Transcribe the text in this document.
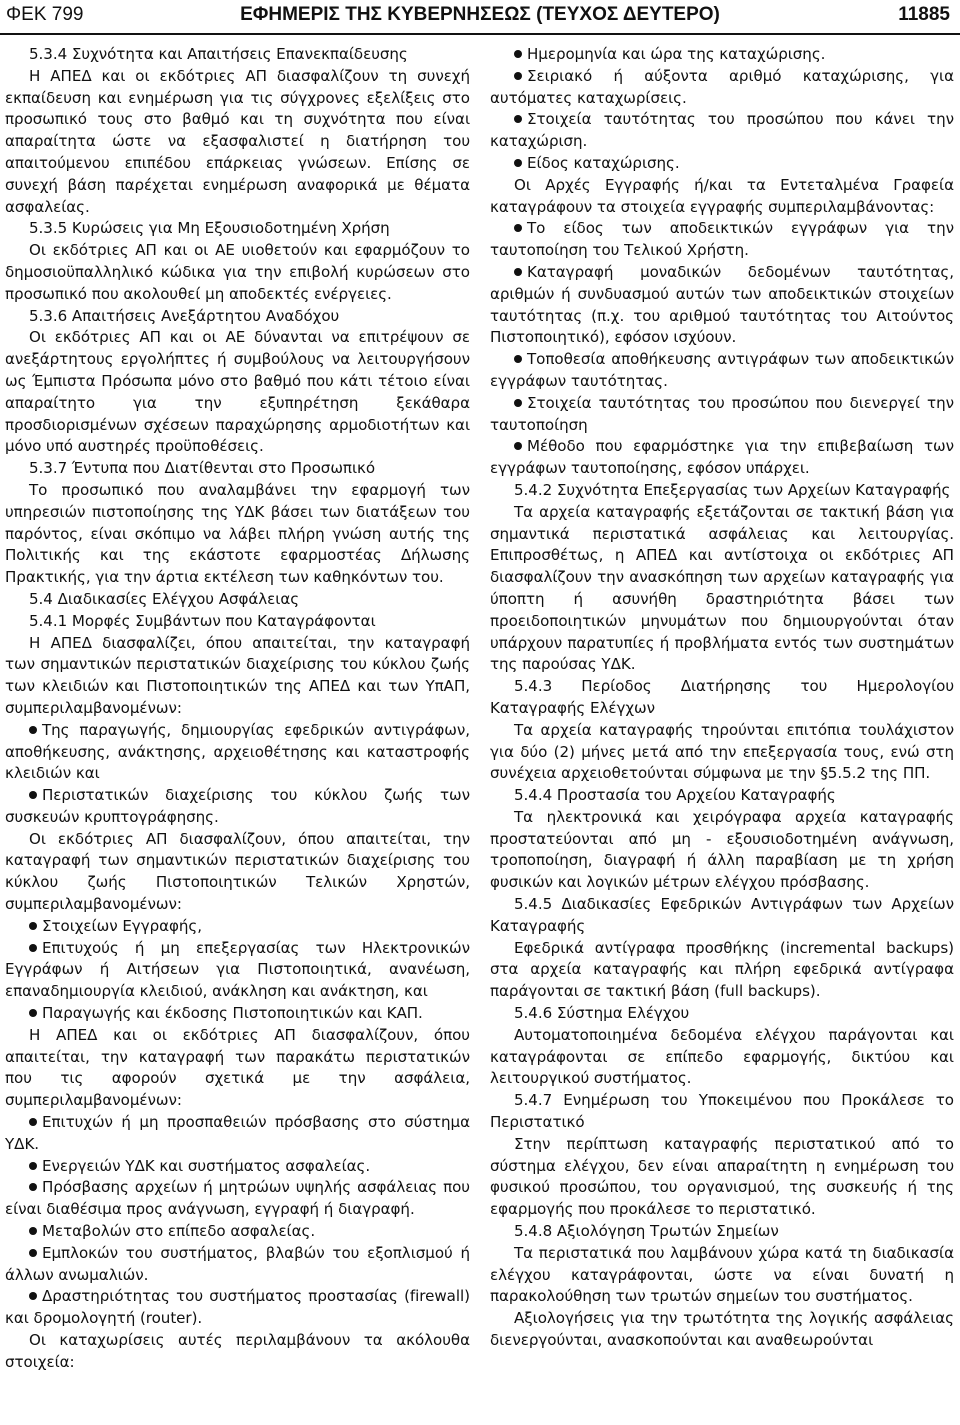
ΦΕΚ 799	ΕΦΗΜΕΡΙΣ ΤΗΣ ΚΥΒΕΡΝΗΣΕΩΣ (ΤΕΥΧΟΣ ΔΕΥΤΕΡΟ)	11885

5.3.4 Συχνότητα και Απαιτήσεις Επανεκπαίδευσης

Η ΑΠΕΔ και οι εκδότριες ΑΠ διασφαλίζουν τη συνεχή εκπαίδευση και ενημέρωση για τις σύγχρονες εξελίξεις στο προσωπικό τους στο βαθμό και τη συχνότητα που είναι απαραίτητα ώστε να εξασφαλιστεί η διατήρηση του απαιτούμενου επιπέδου επάρκειας γνώσεων. Επίσης σε συνεχή βάση παρέχεται ενημέρωση αναφορικά με θέματα ασφαλείας.

5.3.5 Κυρώσεις για Μη Εξουσιοδοτημένη Χρήση

Οι εκδότριες ΑΠ και οι ΑΕ υιοθετούν και εφαρμόζουν το δημοσιοϋπαλληλικό κώδικα για την επιβολή κυρώσεων στο προσωπικό που ακολουθεί μη αποδεκτές ενέργειες.

5.3.6 Απαιτήσεις Ανεξάρτητου Αναδόχου

Οι εκδότριες ΑΠ και οι ΑΕ δύνανται να επιτρέψουν σε ανεξάρτητους εργολήπτες ή συμβούλους να λειτουργήσουν ως Έμπιστα Πρόσωπα μόνο στο βαθμό που κάτι τέτοιο είναι απαραίτητο για την εξυπηρέτηση ξεκάθαρα προσδιορισμένων σχέσεων παραχώρησης αρμοδιοτήτων και μόνο υπό αυστηρές προϋποθέσεις.

5.3.7 Έντυπα που Διατίθενται στο Προσωπικό

Το προσωπικό που αναλαμβάνει την εφαρμογή των υπηρεσιών πιστοποίησης της ΥΔΚ βάσει των διατάξεων του παρόντος, είναι σκόπιμο να λάβει πλήρη γνώση αυτής της Πολιτικής και της εκάστοτε εφαρμοστέας Δήλωσης Πρακτικής, για την άρτια εκτέλεση των καθηκόντων του.

5.4 Διαδικασίες Ελέγχου Ασφάλειας

5.4.1 Μορφές Συμβάντων που Καταγράφονται

Η ΑΠΕΔ διασφαλίζει, όπου απαιτείται, την καταγραφή των σημαντικών περιστατικών διαχείρισης του κύκλου ζωής των κλειδιών και Πιστοποιητικών της ΑΠΕΔ και των ΥπΑΠ, συμπεριλαμβανομένων:

Της παραγωγής, δημιουργίας εφεδρικών αντιγράφων, αποθήκευσης, ανάκτησης, αρχειοθέτησης και καταστροφής κλειδιών και

Περιστατικών διαχείρισης του κύκλου ζωής των συσκευών κρυπτογράφησης.

Οι εκδότριες ΑΠ διασφαλίζουν, όπου απαιτείται, την καταγραφή των σημαντικών περιστατικών διαχείρισης του κύκλου ζωής Πιστοποιητικών Τελικών Χρηστών, συμπεριλαμβανομένων:

Στοιχείων Εγγραφής,

Επιτυχούς ή μη επεξεργασίας των Ηλεκτρονικών Εγγράφων ή Αιτήσεων για Πιστοποιητικά, ανανέωση, επαναδημιουργία κλειδιού, ανάκληση και ανάκτηση, και

Παραγωγής και έκδοσης Πιστοποιητικών και ΚΑΠ.

Η ΑΠΕΔ και οι εκδότριες ΑΠ διασφαλίζουν, όπου απαιτείται, την καταγραφή των παρακάτω περιστατικών που τις αφορούν σχετικά με την ασφάλεια, συμπεριλαμβανομένων:

Επιτυχών ή μη προσπαθειών πρόσβασης στο σύστημα ΥΔΚ.

Ενεργειών ΥΔΚ και συστήματος ασφαλείας.

Πρόσβασης αρχείων ή μητρώων υψηλής ασφάλειας που είναι διαθέσιμα προς ανάγνωση, εγγραφή ή διαγραφή.

Μεταβολών στο επίπεδο ασφαλείας.

Εμπλοκών του συστήματος, βλαβών του εξοπλισμού ή άλλων ανωμαλιών.

Δραστηριότητας του συστήματος προστασίας (firewall) και δρομολογητή (router).

Οι καταχωρίσεις αυτές περιλαμβάνουν τα ακόλουθα στοιχεία:

Ημερομηνία και ώρα της καταχώρισης.

Σειριακό ή αύξοντα αριθμό καταχώρισης, για αυτόματες καταχωρίσεις.

Στοιχεία ταυτότητας του προσώπου που κάνει την καταχώριση.

Είδος καταχώρισης.

Οι Αρχές Εγγραφής ή/και τα Εντεταλμένα Γραφεία καταγράφουν τα στοιχεία εγγραφής συμπεριλαμβάνοντας:

Το είδος των αποδεικτικών εγγράφων για την ταυτοποίηση του Τελικού Χρήστη.

Καταγραφή μοναδικών δεδομένων ταυτότητας, αριθμών ή συνδυασμού αυτών των αποδεικτικών στοιχείων ταυτότητας (π.χ. του αριθμού ταυτότητας του Αιτούντος Πιστοποιητικό), εφόσον ισχύουν.

Τοποθεσία αποθήκευσης αντιγράφων των αποδεικτικών εγγράφων ταυτότητας.

Στοιχεία ταυτότητας του προσώπου που διενεργεί την ταυτοποίηση

Μέθοδο που εφαρμόστηκε για την επιβεβαίωση των εγγράφων ταυτοποίησης, εφόσον υπάρχει.

5.4.2 Συχνότητα Επεξεργασίας των Αρχείων Καταγραφής

Τα αρχεία καταγραφής εξετάζονται σε τακτική βάση για σημαντικά περιστατικά ασφάλειας και λειτουργίας. Επιπροσθέτως, η ΑΠΕΔ και αντίστοιχα οι εκδότριες ΑΠ διασφαλίζουν την ανασκόπηση των αρχείων καταγραφής για ύποπτη ή ασυνήθη δραστηριότητα βάσει των προειδοποιητικών μηνυμάτων που δημιουργούνται όταν υπάρχουν παρατυπίες ή προβλήματα εντός των συστημάτων της παρούσας ΥΔΚ.

5.4.3 Περίοδος Διατήρησης του Ημερολογίου Καταγραφής Ελέγχων

Τα αρχεία καταγραφής τηρούνται επιτόπια τουλάχιστον για δύο (2) μήνες μετά από την επεξεργασία τους, ενώ στη συνέχεια αρχειοθετούνται σύμφωνα με την §5.5.2 της ΠΠ.

5.4.4 Προστασία του Αρχείου Καταγραφής

Τα ηλεκτρονικά και χειρόγραφα αρχεία καταγραφής προστατεύονται από μη - εξουσιοδοτημένη ανάγνωση, τροποποίηση, διαγραφή ή άλλη παραβίαση με τη χρήση φυσικών και λογικών μέτρων ελέγχου πρόσβασης.

5.4.5 Διαδικασίες Εφεδρικών Αντιγράφων των Αρχείων Καταγραφής

Εφεδρικά αντίγραφα προσθήκης (incremental backups) στα αρχεία καταγραφής και πλήρη εφεδρικά αντίγραφα παράγονται σε τακτική βάση (full backups).

5.4.6 Σύστημα Ελέγχου

Αυτοματοποιημένα δεδομένα ελέγχου παράγονται και καταγράφονται σε επίπεδο εφαρμογής, δικτύου και λειτουργικού συστήματος.

5.4.7 Ενημέρωση του Υποκειμένου που Προκάλεσε το Περιστατικό

Στην περίπτωση καταγραφής περιστατικού από το σύστημα ελέγχου, δεν είναι απαραίτητη η ενημέρωση του φυσικού προσώπου, του οργανισμού, της συσκευής ή της εφαρμογής που προκάλεσε το περιστατικό.

5.4.8 Αξιολόγηση Τρωτών Σημείων

Τα περιστατικά που λαμβάνουν χώρα κατά τη διαδικασία ελέγχου καταγράφονται, ώστε να είναι δυνατή η παρακολούθηση των τρωτών σημείων του συστήματος.

Αξιολογήσεις για την τρωτότητα της λογικής ασφάλειας διενεργούνται, ανασκοπούνται και αναθεωρούνται
